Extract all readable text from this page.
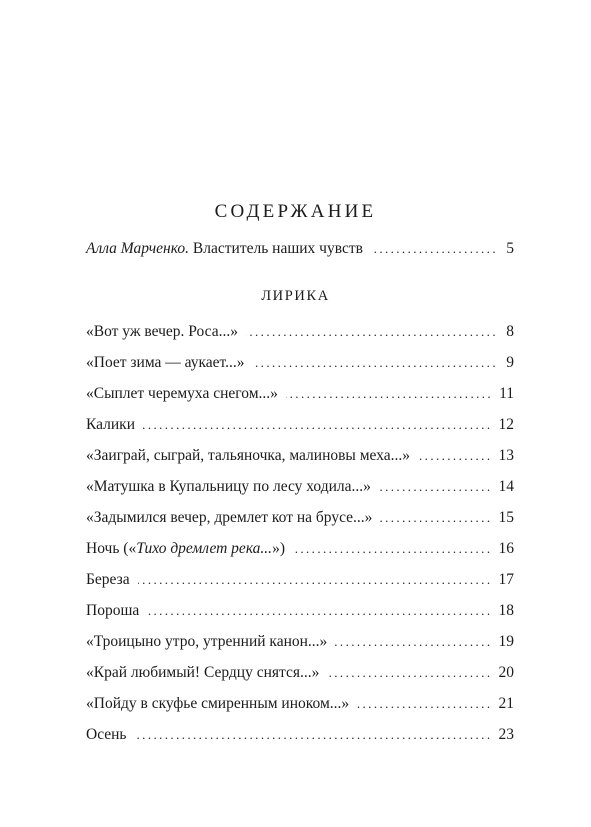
СОДЕРЖАНИЕ
Алла Марченко. Властитель наших чувств .....	5
ЛИРИКА
«Вот уж вечер. Роса...» .....	8
«Поет зима — аукает...» .....	9
«Сыплет черемуха снегом...» .....	11
Калики .....	12
«Заиграй, сыграй, тальяночка, малиновы меха...» .....	13
«Матушка в Купальницу по лесу ходила...» .....	14
«Задымился вечер, дремлет кот на брусе...» .....	15
Ночь («Тихо дремлет река...») .....	16
Береза .....	17
Пороша .....	18
«Троицыно утро, утренний канон...» .....	19
«Край любимый! Сердцу снятся...» .....	20
«Пойду в скуфье смиренным иноком...» .....	21
Осень .....	23
